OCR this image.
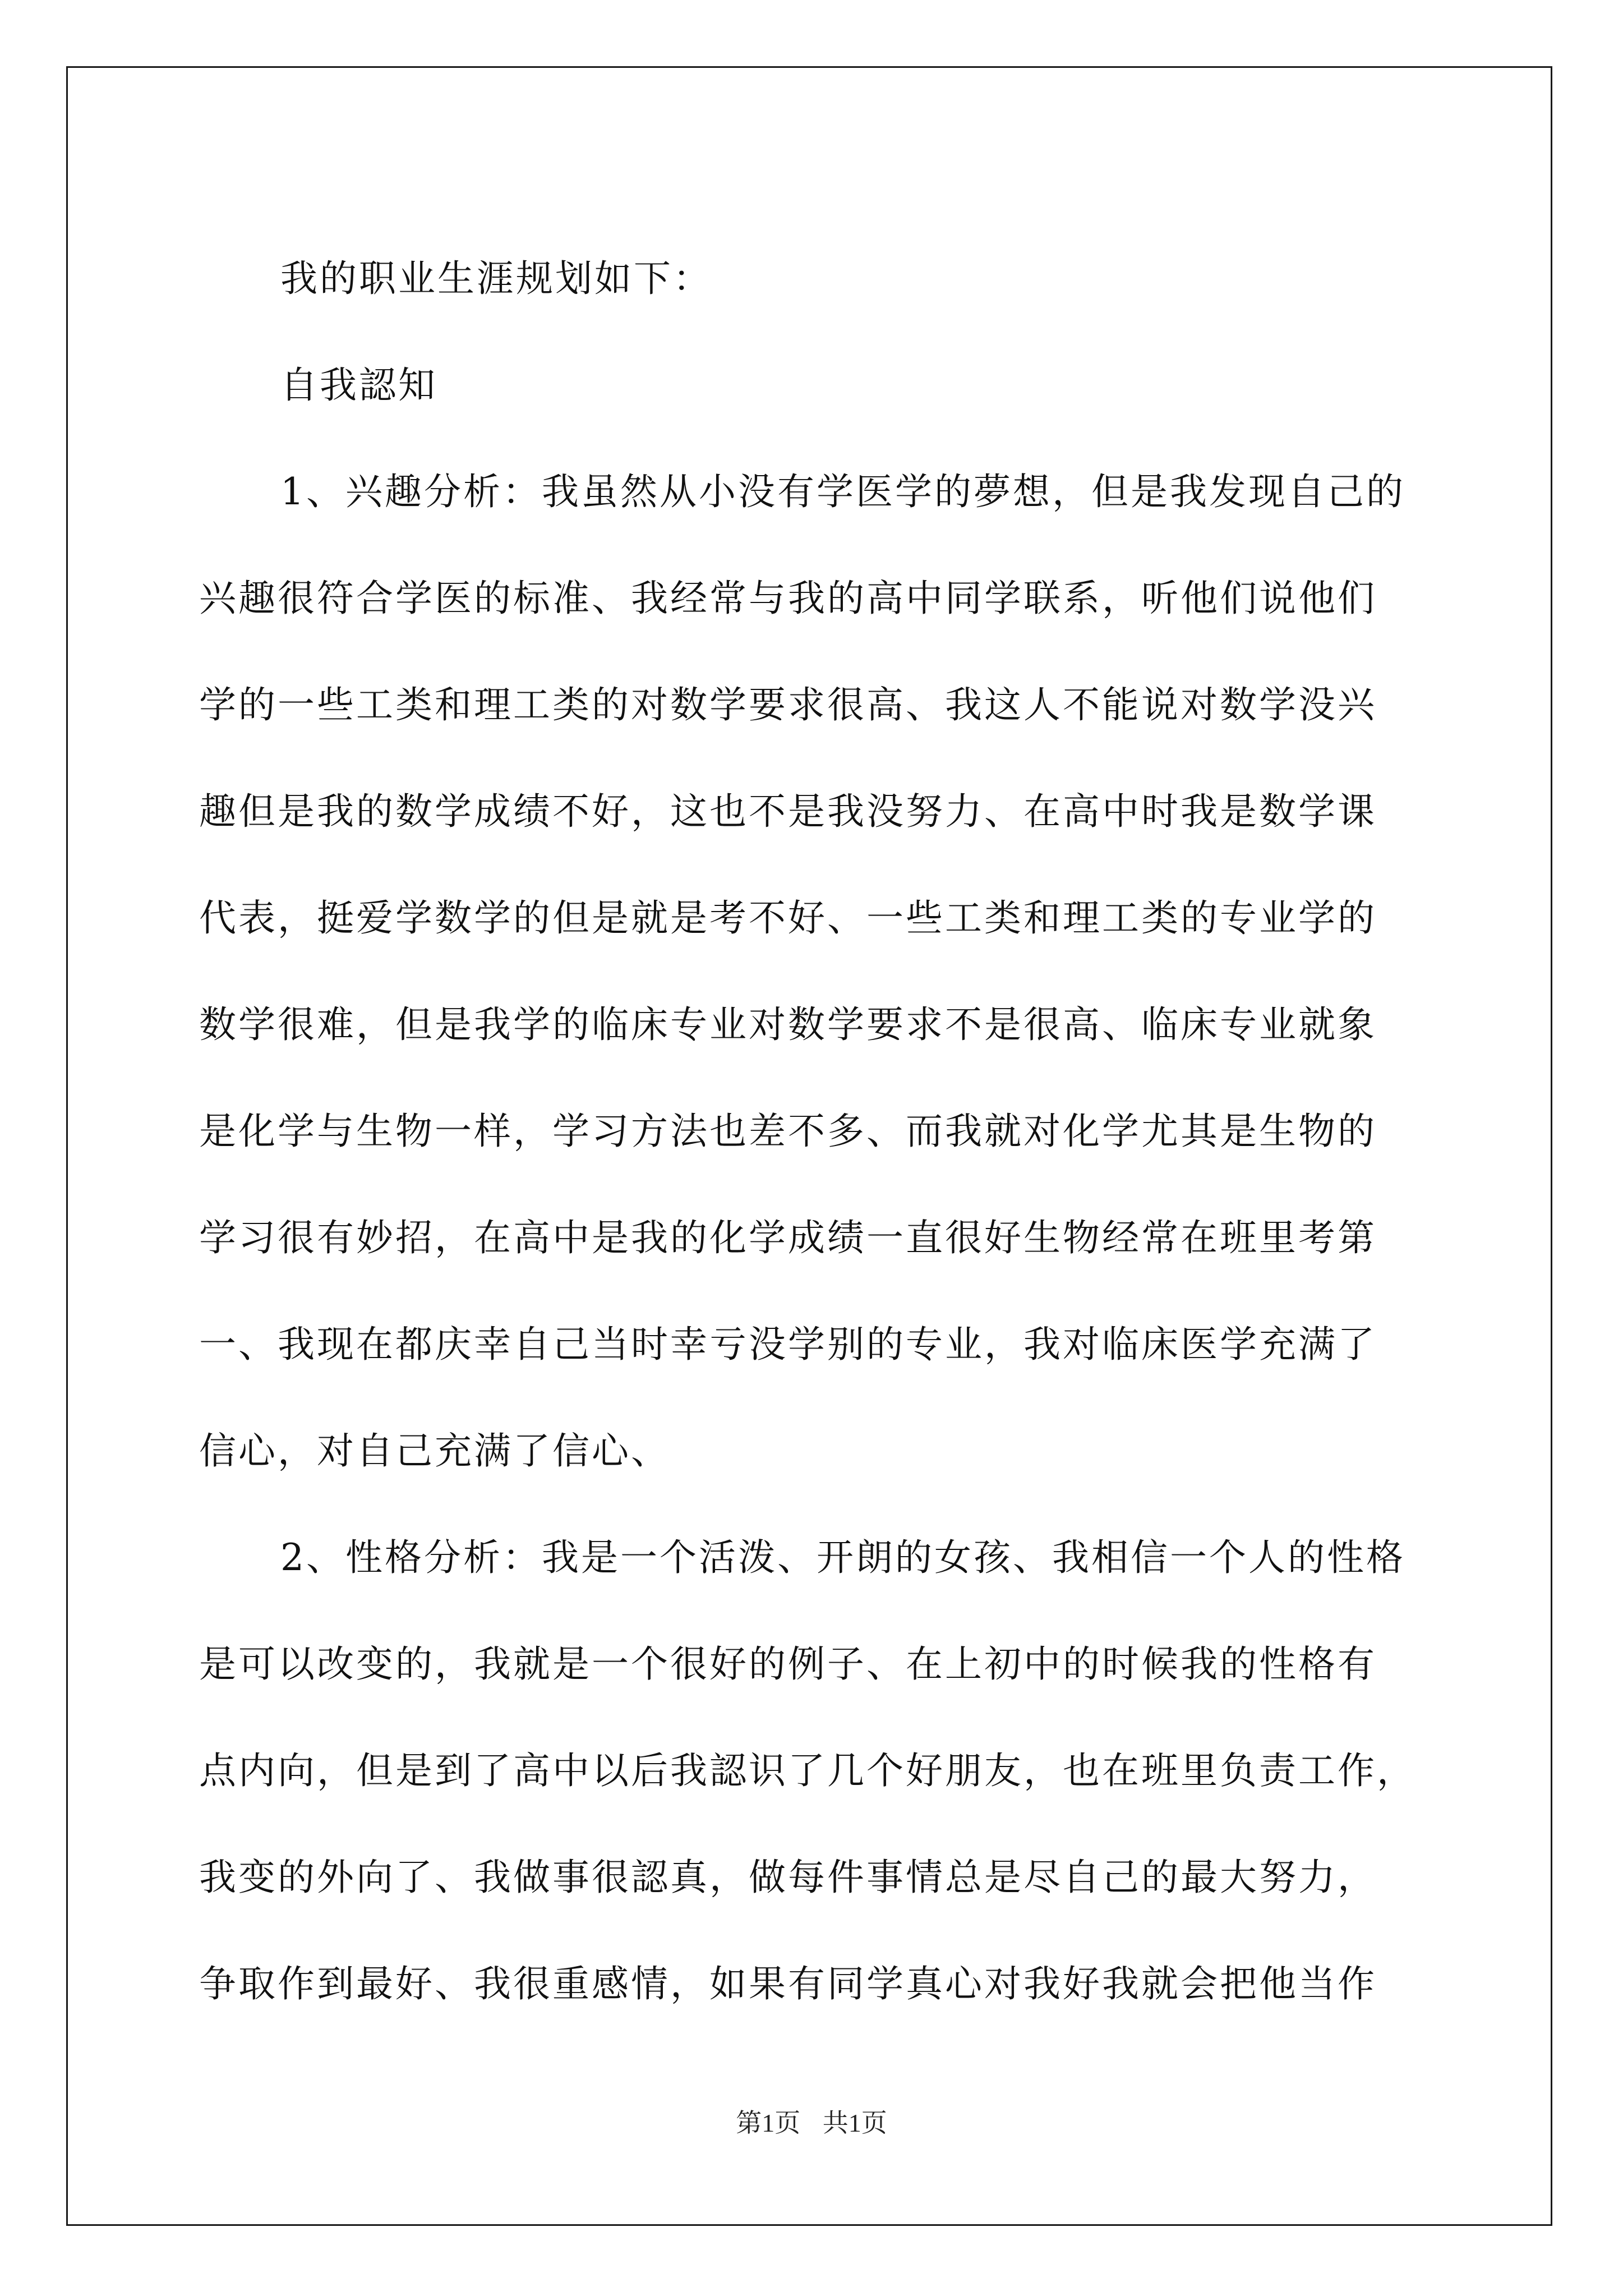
我的职业生涯规划如下：
自我認知
1、兴趣分析：我虽然从小没有学医学的夢想，但是我发现自己的
兴趣很符合学医的标准、我经常与我的高中同学联系，听他们说他们
学的一些工类和理工类的对数学要求很高、我这人不能说对数学没兴
趣但是我的数学成绩不好，这也不是我没努力、在高中时我是数学课
代表，挺爱学数学的但是就是考不好、一些工类和理工类的专业学的
数学很难，但是我学的临床专业对数学要求不是很高、临床专业就象
是化学与生物一样，学习方法也差不多、而我就对化学尤其是生物的
学习很有妙招，在高中是我的化学成绩一直很好生物经常在班里考第
一、我现在都庆幸自己当时幸亏没学别的专业，我对临床医学充满了
信心，对自己充满了信心、
2、性格分析：我是一个活泼、开朗的女孩、我相信一个人的性格
是可以改变的，我就是一个很好的例子、在上初中的时候我的性格有
点内向，但是到了高中以后我認识了几个好朋友，也在班里负责工作，
我变的外向了、我做事很認真，做每件事情总是尽自己的最大努力，
争取作到最好、我很重感情，如果有同学真心对我好我就会把他当作
第1页 共1页
